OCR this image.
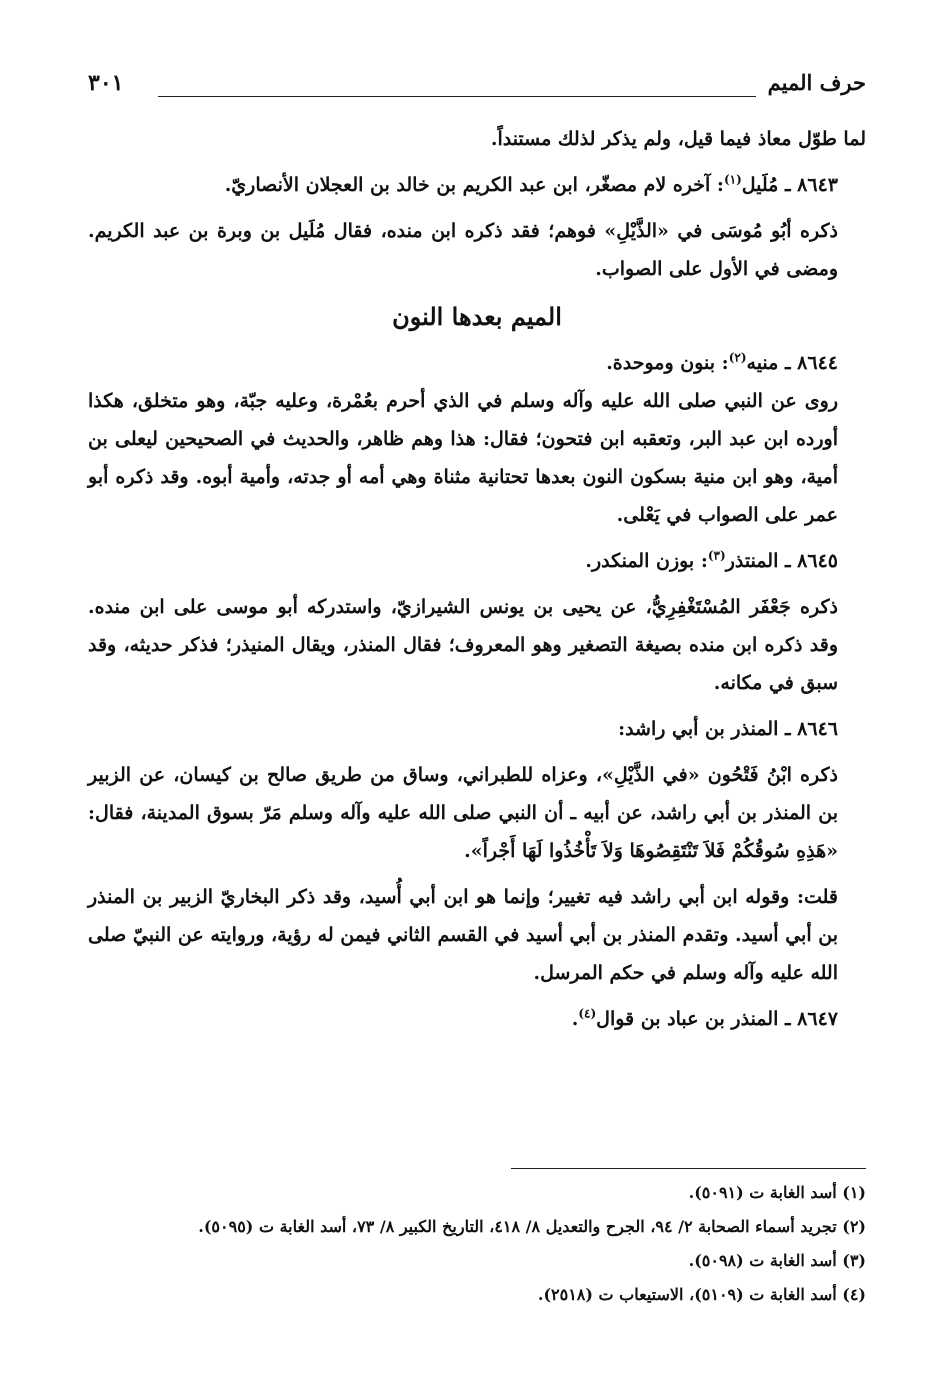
حرف الميم
٣٠١

لما طوّل معاذ فيما قيل، ولم يذكر لذلك مستنداً.

٨٦٤٣ ـ مُلَيل$^{(١)}$: آخره لام مصغّر، ابن عبد الكريم بن خالد بن العجلان الأنصاريّ.

ذكره أبُو مُوسَى في «الذَّيْلِ» فوهم؛ فقد ذكره ابن منده، فقال مُلَيل بن وبرة بن عبد الكريم. ومضى في الأول على الصواب.

الميم بعدها النون

٨٦٤٤ ـ منيه$^{(٢)}$: بنون وموحدة.

روى عن النبي صلى الله عليه وآله وسلم في الذي أحرم بعُمْرة، وعليه جبّة، وهو متخلق، هكذا أورده ابن عبد البر، وتعقبه ابن فتحون؛ فقال: هذا وهم ظاهر، والحديث في الصحيحين ليعلى بن أمية، وهو ابن منية بسكون النون بعدها تحتانية مثناة وهي أمه أو جدته، وأمية أبوه. وقد ذكره أبو عمر على الصواب في يَعْلى.

٨٦٤٥ ـ المنتذر$^{(٣)}$: بوزن المنكدر.

ذكره جَعْفَر المُسْتَغْفِرِيُّ، عن يحيى بن يونس الشيرازيّ، واستدركه أبو موسى على ابن منده. وقد ذكره ابن منده بصيغة التصغير وهو المعروف؛ فقال المنذر، ويقال المنيذر؛ فذكر حديثه، وقد سبق في مكانه.

٨٦٤٦ ـ المنذر بن أبي راشد:

ذكره ابْنُ فَتْحُون «في الذَّيْلِ»، وعزاه للطبراني، وساق من طريق صالح بن كيسان، عن الزبير بن المنذر بن أبي راشد، عن أبيه ـ أن النبي صلى الله عليه وآله وسلم مَرّ بسوق المدينة، فقال: «هَذِهِ سُوقُكُمْ فَلاَ تَنْتَقِصُوهَا وَلاَ تَأْخُذُوا لَهَا أَجْراً».

قلت: وقوله ابن أبي راشد فيه تغيير؛ وإنما هو ابن أبي أُسيد، وقد ذكر البخاريّ الزبير بن المنذر بن أبي أسيد. وتقدم المنذر بن أبي أسيد في القسم الثاني فيمن له رؤية، وروايته عن النبيّ صلى الله عليه وآله وسلم في حكم المرسل.

٨٦٤٧ ـ المنذر بن عباد بن قوال$^{(٤)}$.

(١) أسد الغابة ت (٥٠٩١).

(٢) تجريد أسماء الصحابة ٢/ ٩٤، الجرح والتعديل ٨/ ٤١٨، التاريخ الكبير ٨/ ٧٣، أسد الغابة ت (٥٠٩٥).

(٣) أسد الغابة ت (٥٠٩٨).

(٤) أسد الغابة ت (٥١٠٩)، الاستيعاب ت (٢٥١٨).
